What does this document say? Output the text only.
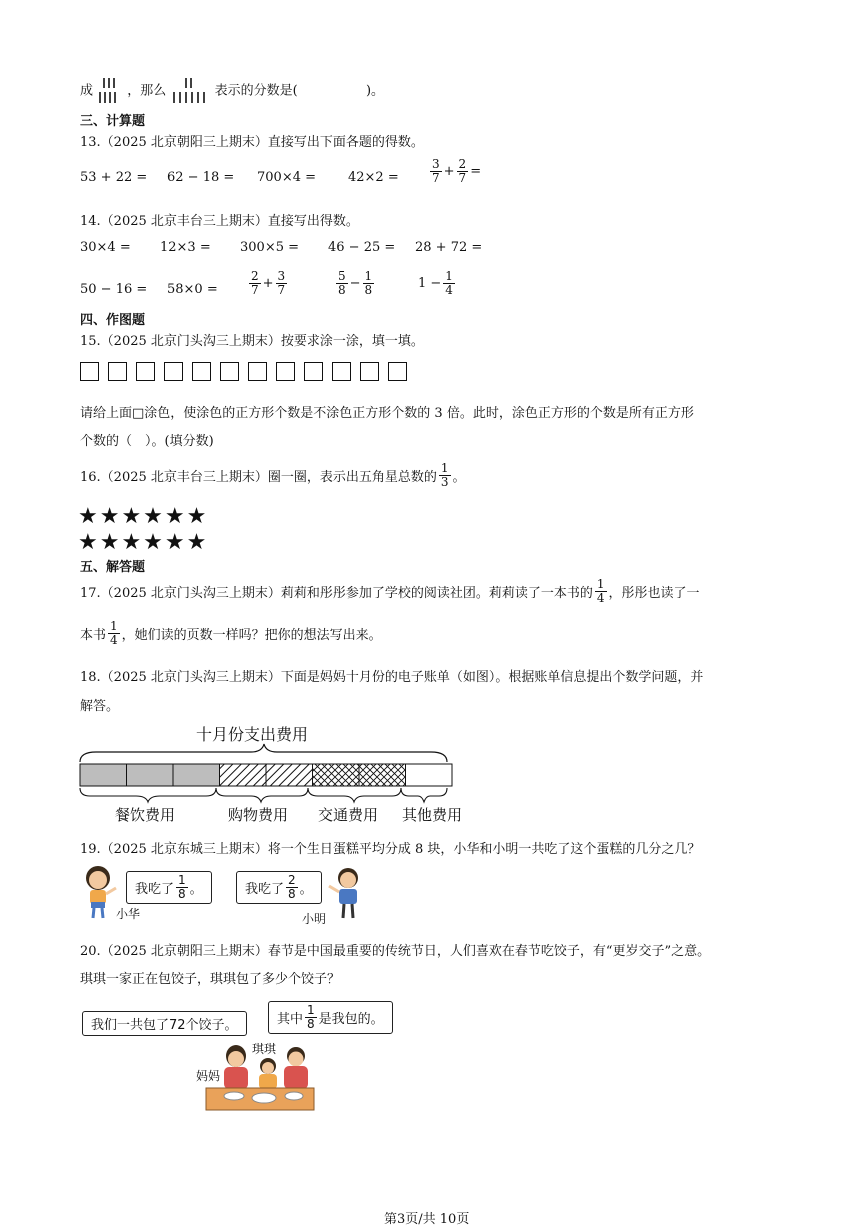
成	，那么	表示的分数是(	)。
三、计算题
13.（2025 北京朝阳三上期末）直接写出下面各题的得数。
53 + 22 = 62 − 18 = 700×4 = 42×2 =	$\frac{3}{7} + \frac{2}{7}$ =
14.（2025 北京丰台三上期末）直接写出得数。
30×4 = 12×3 = 300×5 = 46 − 25 = 28 + 72 =
50 − 16 = 58×0 =	$\frac{2}{7} + \frac{3}{7}$	$\frac{5}{8} - \frac{1}{8}$	$1 - \frac{1}{4}$
四、作图题
15.（2025 北京门头沟三上期末）按要求涂一涂，填一填。
请给上面□涂色，使涂色的正方形个数是不涂色正方形个数的 3 倍。此时，涂色正方形的个数是所有正方形
个数的（　）。(填分数)
16.（2025 北京丰台三上期末）圈一圈，表示出五角星总数的 $\frac{1}{3}$ 。
★★★★★★
★★★★★★
五、解答题
17.（2025 北京门头沟三上期末）莉莉和彤彤参加了学校的阅读社团。莉莉读了一本书的 $\frac{1}{4}$ ，彤彤也读了一
本书 $\frac{1}{4}$ ，她们读的页数一样吗？把你的想法写出来。
18.（2025 北京门头沟三上期末）下面是妈妈十月份的电子账单（如图）。根据账单信息提出个数学问题，并
解答。
十月份支出费用
餐饮费用	购物费用 交通费用 其他费用
19.（2025 北京东城三上期末）将一个生日蛋糕平均分成 8 块，小华和小明一共吃了这个蛋糕的几分之几？
我吃了 $\frac{1}{8}$ 。
小华
我吃了 $\frac{2}{8}$ 。
小明
20.（2025 北京朝阳三上期末）春节是中国最重要的传统节日，人们喜欢在春节吃饺子，有“更岁交子”之意。
琪琪一家正在包饺子，琪琪包了多少个饺子？
我们一共包了72个饺子。	其中 $\frac{1}{8}$ 是我包的。
琪琪
妈妈
第3页/共 10页
